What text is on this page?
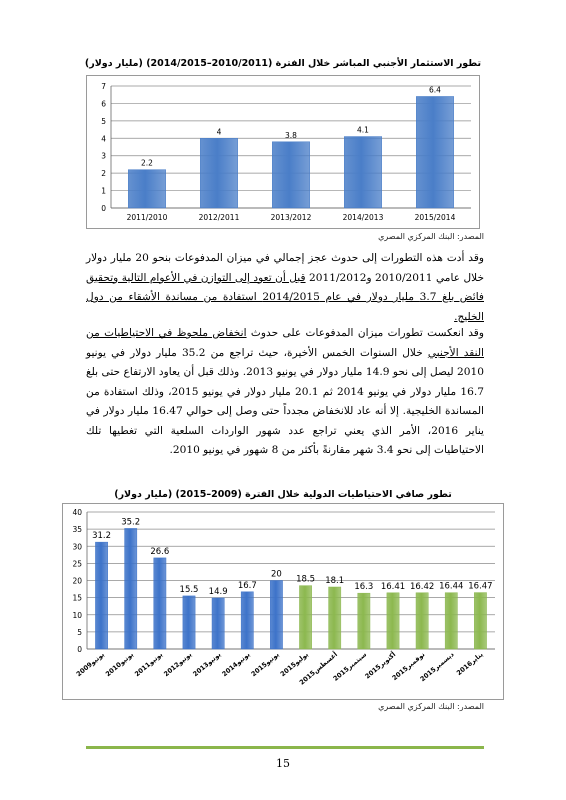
تطور الاستثمار الأجنبي المباشر خلال الفترة (2010/2011–2014/2015) (مليار دولار)
0
1
2
3
4
5
6
7
2.2
2011/2010
4
2012/2011
3.8
2013/2012
4.1
2014/2013
6.4
2015/2014
المصدر: البنك المركزي المصري
وقد أدت هذه التطورات إلى حدوث عجز إجمالي في ميزان المدفوعات بنحو 20 مليار دولار خلال عامي 2010/2011 و2011/2012 قبل أن تعود إلى التوازن في الأعوام التالية وتحقيق فائض بلغ 3.7 مليار دولار في عام 2014/2015 استفادة من مساندة الأشقاء من دول الخليج.
وقد انعكست تطورات ميزان المدفوعات على حدوث انخفاض ملحوظ في الاحتياطيات من النقد الأجنبي خلال السنوات الخمس الأخيرة، حيث تراجع من 35.2 مليار دولار في يونيو 2010 ليصل إلى نحو 14.9 مليار دولار في يونيو 2013. وذلك قبل أن يعاود الارتفاع حتى بلغ 16.7 مليار دولار في يونيو 2014 ثم 20.1 مليار دولار في يونيو 2015، وذلك استفادة من المساندة الخليجية. إلا أنه عاد للانخفاض مجدداً حتى وصل إلى حوالي 16.47 مليار دولار في يناير 2016، الأمر الذي يعني تراجع عدد شهور الواردات السلعية التي تغطيها تلك الاحتياطيات إلى نحو 3.4 شهر مقارنةً بأكثر من 8 شهور في يونيو 2010.
تطور صافي الاحتياطيات الدولية خلال الفترة (2009–2015) (مليار دولار)
0
5
10
15
20
25
30
35
40
31.2
يونيو2009
35.2
يونيو2010
26.6
يونيو2011
15.5
يونيو2012
14.9
يونيو2013
16.7
يونيو2014
20
يونيو2015
18.5
يوليو2015
18.1
أغسطس2015
16.3
سبتمبر2015
16.41
أكتوبر2015
16.42
نوفمبر2015
16.44
ديسمبر2015
16.47
يناير2016
المصدر: البنك المركزي المصري
15
